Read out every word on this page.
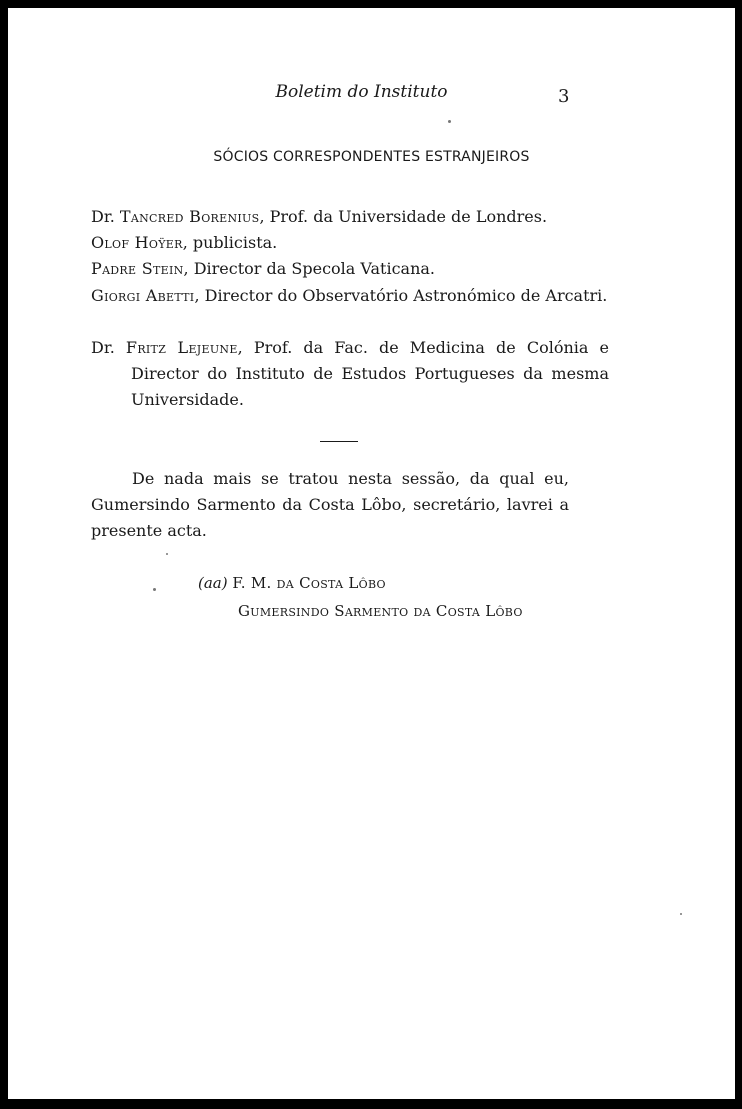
Boletim do Instituto	3
SÓCIOS CORRESPONDENTES ESTRANJEIROS

Dr. Tancred Borenius, Prof. da Universidade de Londres.

Olof Hoÿer, publicista.

Padre Stein, Director da Specola Vaticana.

Giorgi Abetti, Director do Observatório Astronómico de Arcatri.

Dr. Fritz Lejeune, Prof. da Fac. de Medicina de Colónia e Director do Instituto de Estudos Portugueses da mesma Universidade.

De nada mais se tratou nesta sessão, da qual eu, Gumersindo Sarmento da Costa Lôbo, secretário, lavrei a presente acta.

(aa) F. M. da Costa Lôbo
Gumersindo Sarmento da Costa Lôbo
